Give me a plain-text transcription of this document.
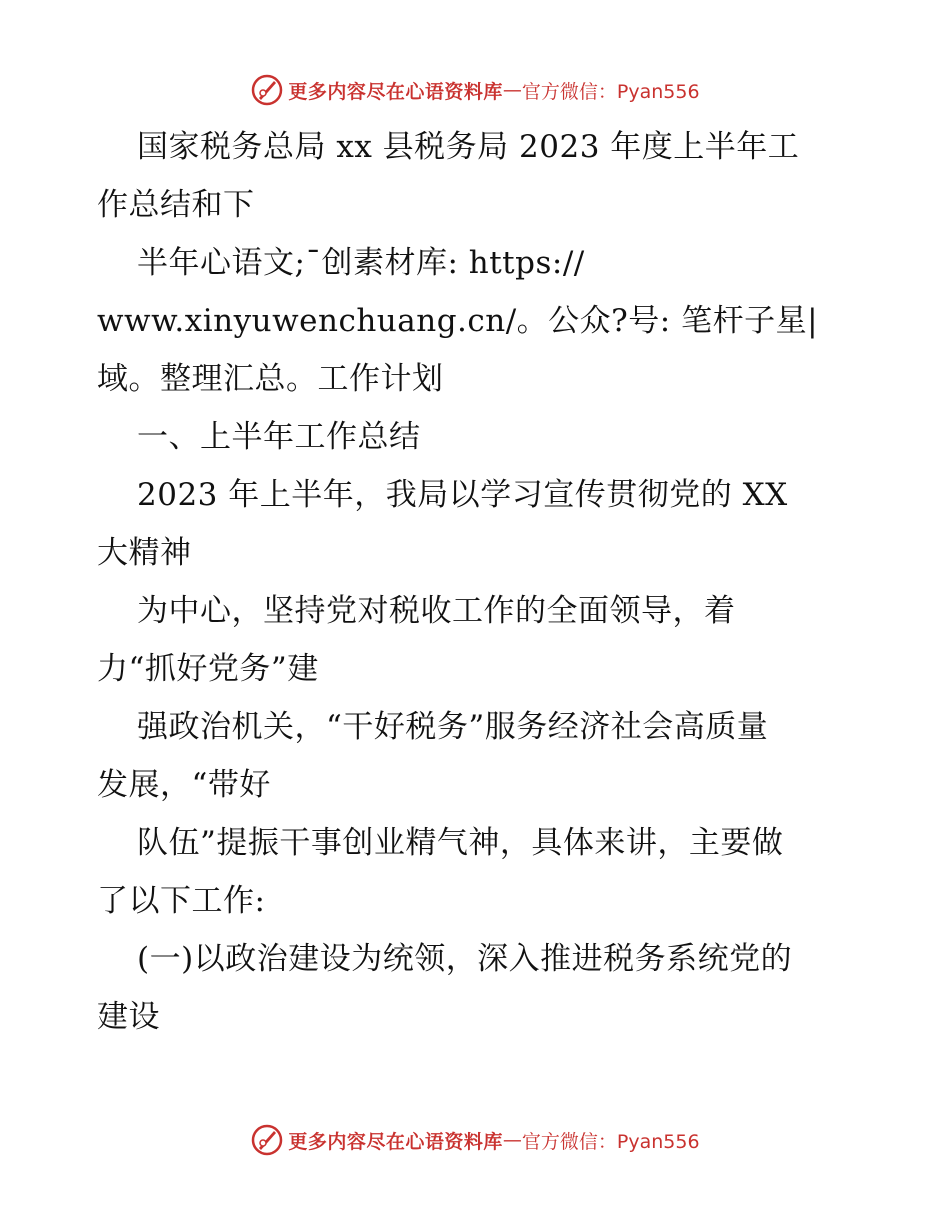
更多内容尽在心语资料库 — 官方微信：Pyan556
国家税务总局 xx 县税务局 2023 年度上半年工
作总结和下
半年心语文;¯创素材库: https://
www.xinyuwenchuang.cn/。公众?号: 笔杆子星|
域。整理汇总。工作计划
一、上半年工作总结
2023 年上半年，我局以学习宣传贯彻党的 XX
大精神
为中心，坚持党对税收工作的全面领导，着
力“抓好党务”建
强政治机关，“干好税务”服务经济社会高质量
发展，“带好
队伍”提振干事创业精气神，具体来讲，主要做
了以下工作:
(一)以政治建设为统领，深入推进税务系统党的
建设
更多内容尽在心语资料库 — 官方微信：Pyan556
